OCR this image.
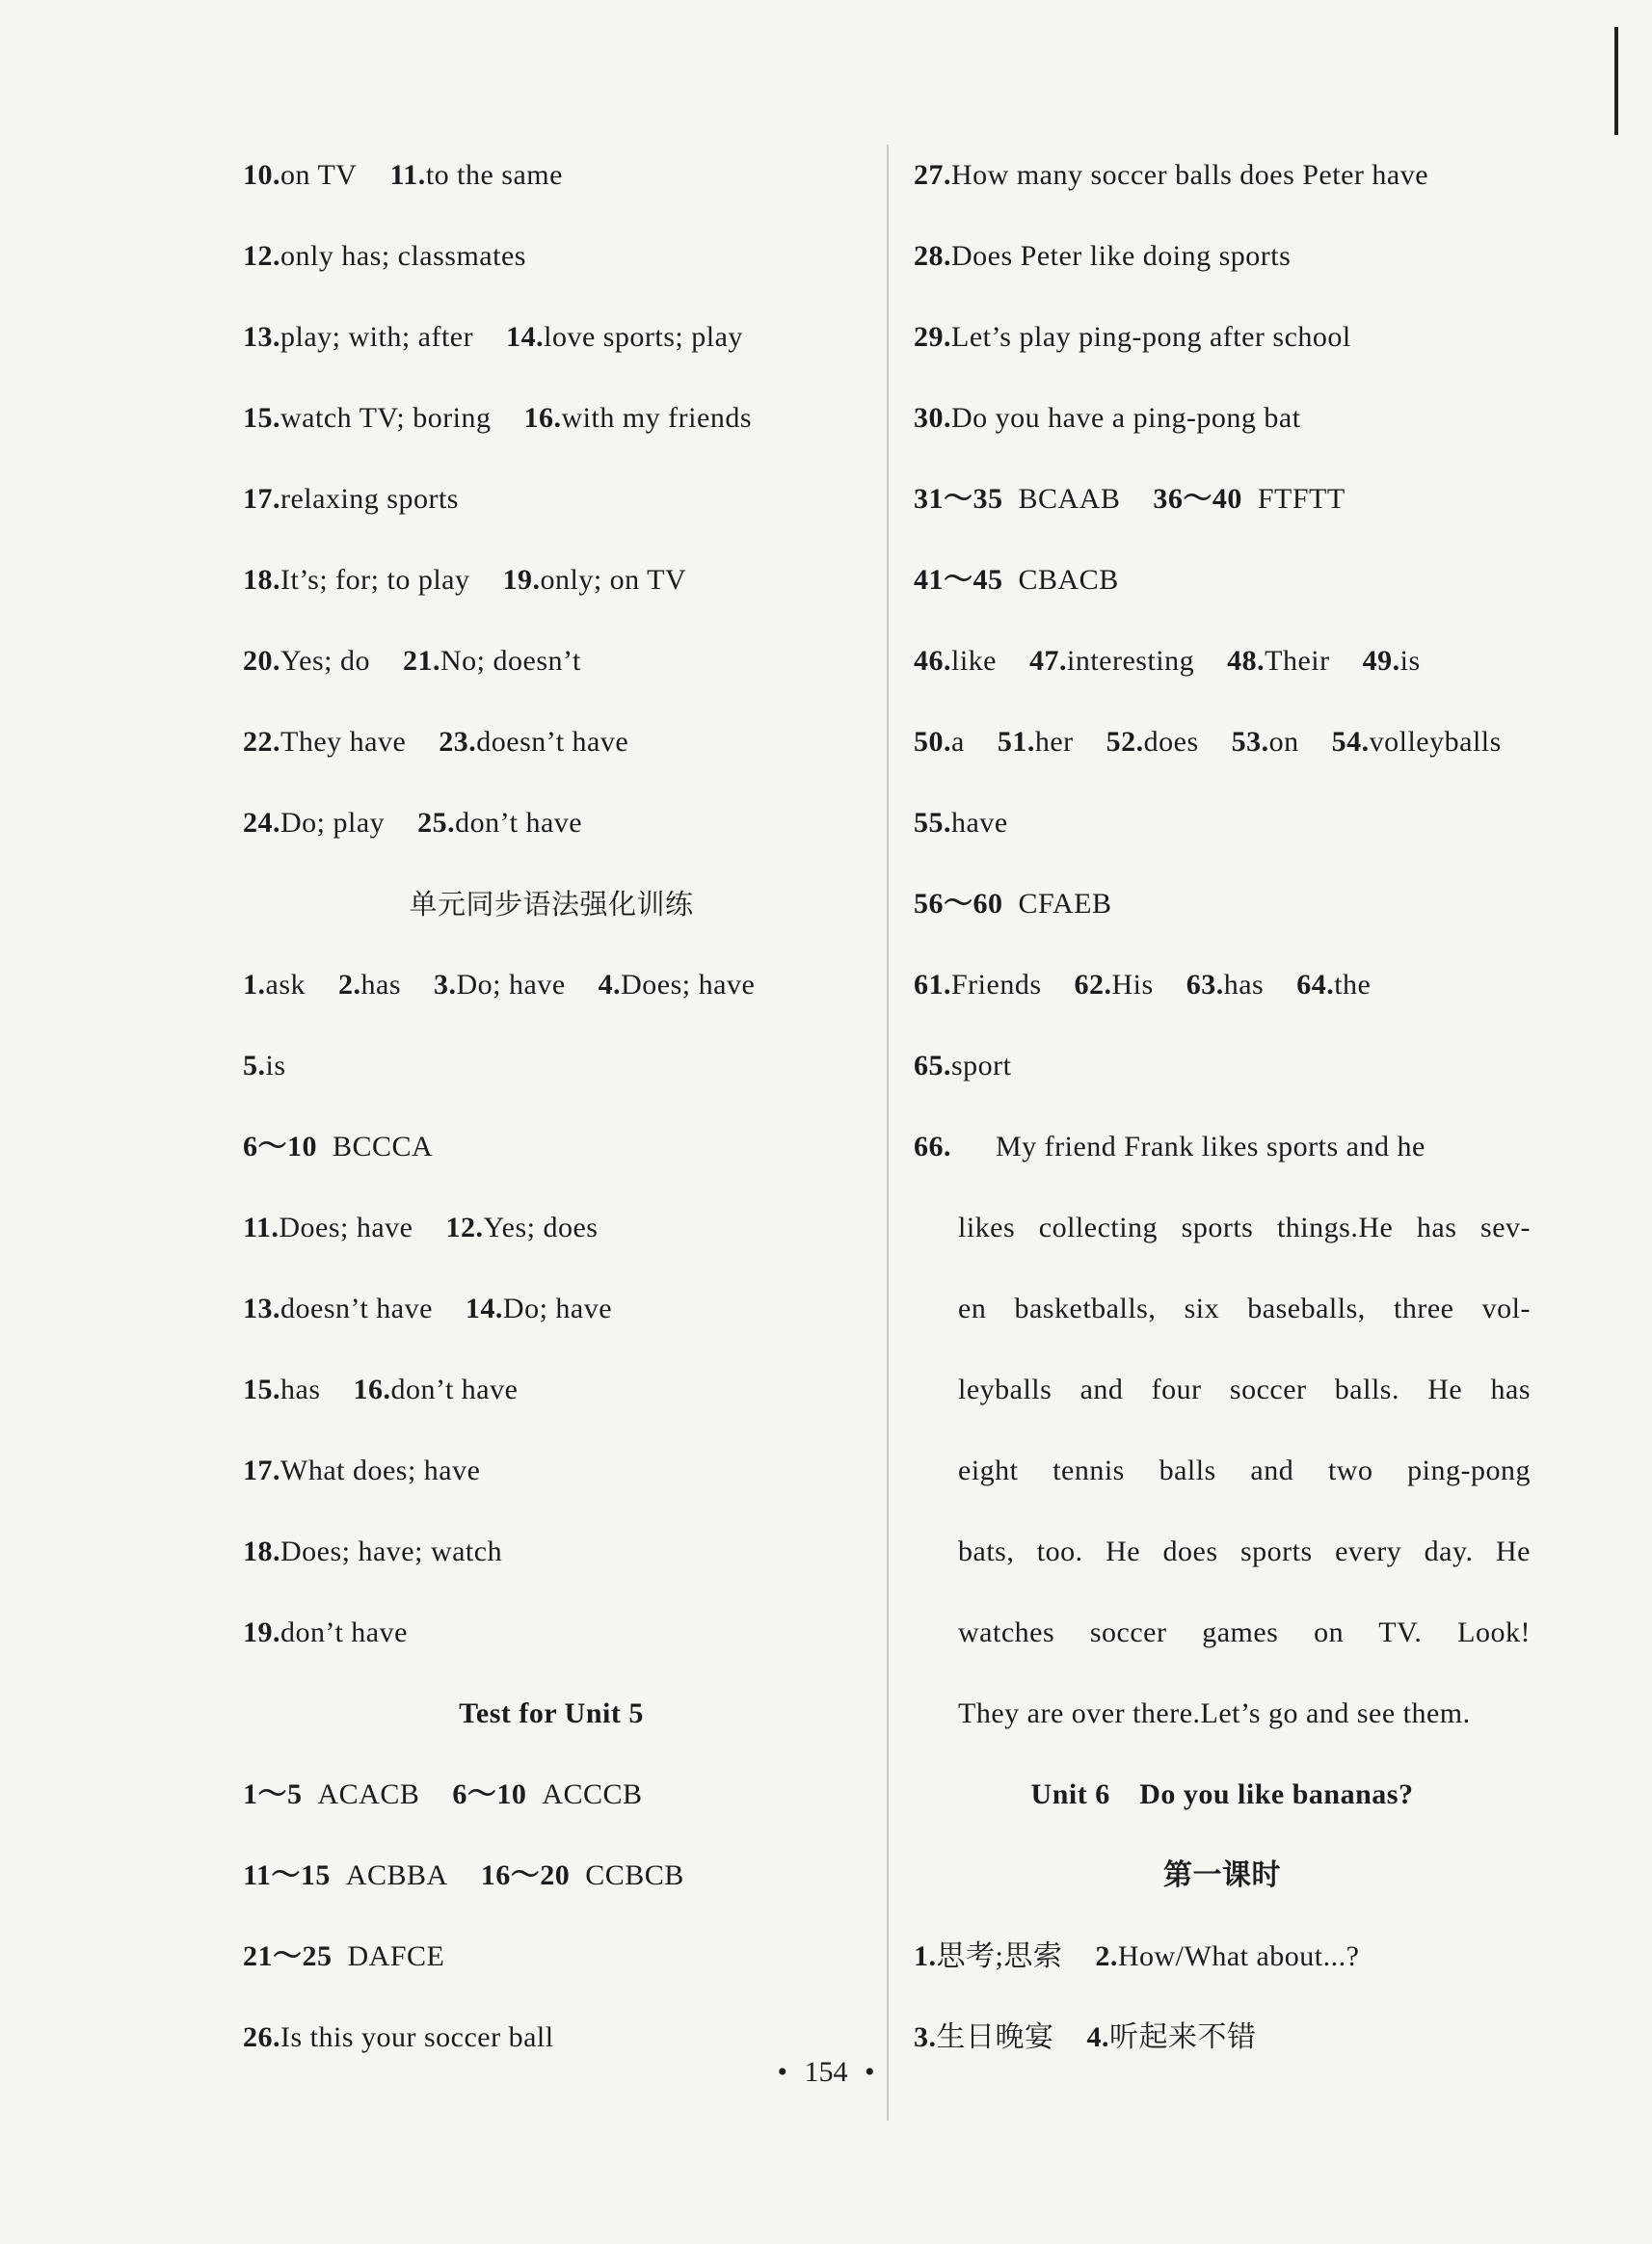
10.on TV 11.to the same
12.only has; classmates
13.play; with; after 14.love sports; play
15.watch TV; boring 16.with my friends
17.relaxing sports
18.It’s; for; to play 19.only; on TV
20.Yes; do 21.No; doesn’t
22.They have 23.doesn’t have
24.Do; play 25.don’t have
单元同步语法强化训练
1.ask 2.has 3.Do; have 4.Does; have
5.is
6～10 BCCCA
11.Does; have 12.Yes; does
13.doesn’t have 14.Do; have
15.has 16.don’t have
17.What does; have
18.Does; have; watch
19.don’t have
Test for Unit 5
1～5 ACACB 6～10 ACCCB
11～15 ACBBA 16～20 CCBCB
21～25 DAFCE
26.Is this your soccer ball
27.How many soccer balls does Peter have
28.Does Peter like doing sports
29.Let’s play ping-pong after school
30.Do you have a ping-pong bat
31～35 BCAAB 36～40 FTFTT
41～45 CBACB
46.like 47.interesting 48.Their 49.is
50.a 51.her 52.does 53.on 54.volleyballs
55.have
56～60 CFAEB
61.Friends 62.His 63.has 64.the
65.sport
66. My friend Frank likes sports and he
likes collecting sports things.He has sev-
en basketballs, six baseballs, three vol-
leyballs and four soccer balls. He has
eight tennis balls and two ping-pong
bats, too. He does sports every day. He
watches soccer games on TV. Look!
They are over there.Let’s go and see them.
Unit 6　Do you like bananas?
第一课时
1.思考;思索 2.How/What about...?
3.生日晚宴 4.听起来不错
• 154 •
